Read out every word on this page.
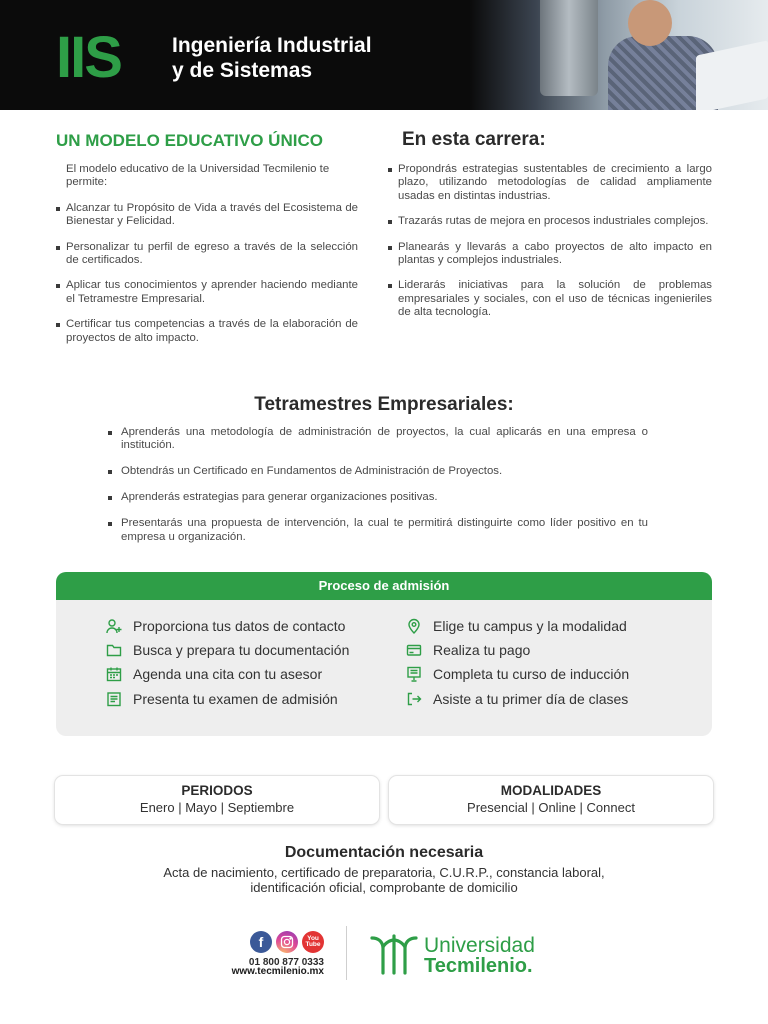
IIS Ingeniería Industrial
y de Sistemas
UN MODELO EDUCATIVO ÚNICO
El modelo educativo de la Universidad Tecmilenio te permite:
Alcanzar tu Propósito de Vida a través del Ecosistema de Bienestar y Felicidad.
Personalizar tu perfil de egreso a través de la selección de certificados.
Aplicar tus conocimientos y aprender haciendo mediante el Tetramestre Empresarial.
Certificar tus competencias a través de la elaboración de proyectos de alto impacto.
En esta carrera:
Propondrás estrategias sustentables de crecimiento a largo plazo, utilizando metodologías de calidad ampliamente usadas en distintas industrias.
Trazarás rutas de mejora en procesos industriales complejos.
Planearás y llevarás a cabo proyectos de alto impacto en plantas y complejos industriales.
Liderarás iniciativas para la solución de problemas empresariales y sociales, con el uso de técnicas ingenieriles de alta tecnología.
Tetramestres Empresariales:
Aprenderás una metodología de administración de proyectos, la cual aplicarás en una empresa o institución.
Obtendrás un Certificado en Fundamentos de Administración de Proyectos.
Aprenderás estrategias para generar organizaciones positivas.
Presentarás una propuesta de intervención, la cual te permitirá distinguirte como líder positivo en tu empresa u organización.
Proceso de admisión
Proporciona tus datos de contacto
Busca y prepara tu documentación
Agenda una cita con tu asesor
Presenta tu examen de admisión
Elige tu campus y la modalidad
Realiza tu pago
Completa tu curso de inducción
Asiste a tu primer día de clases
PERIODOS
Enero | Mayo | Septiembre
MODALIDADES
Presencial | Online | Connect
Documentación necesaria
Acta de nacimiento, certificado de preparatoria, C.U.R.P., constancia laboral,
identificación oficial, comprobante de domicilio
f	You
Tube
01 800 877 0333
www.tecmilenio.mx
Universidad
Tecmilenio.
